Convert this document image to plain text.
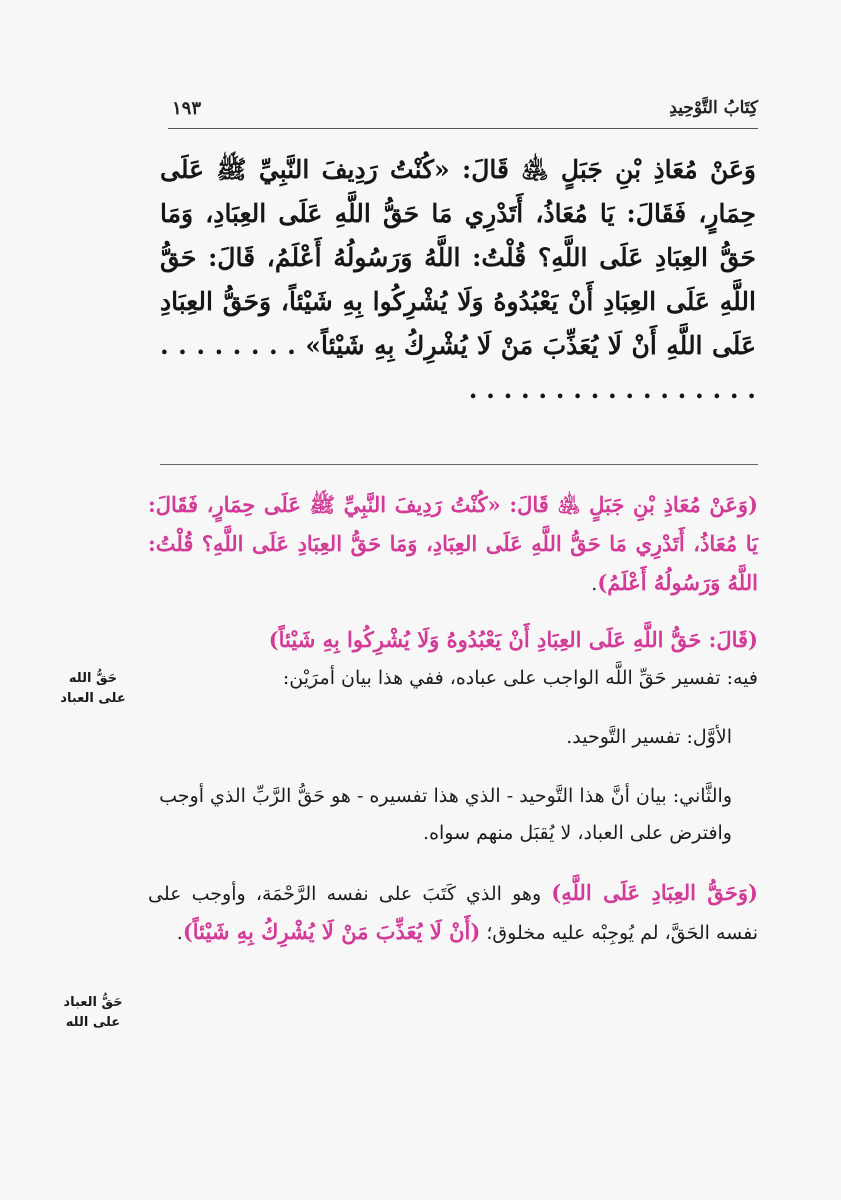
كِتَابُ التَّوْحِيدِ
١٩٣
وَعَنْ مُعَاذِ بْنِ جَبَلٍ ﵁ قَالَ: «كُنْتُ رَدِيفَ النَّبِيِّ ﷺ عَلَى حِمَارٍ، فَقَالَ: يَا مُعَاذُ، أَتَدْرِي مَا حَقُّ اللَّهِ عَلَى العِبَادِ، وَمَا حَقُّ العِبَادِ عَلَى اللَّهِ؟ قُلْتُ: اللَّهُ وَرَسُولُهُ أَعْلَمُ، قَالَ: حَقُّ اللَّهِ عَلَى العِبَادِ أَنْ يَعْبُدُوهُ وَلَا يُشْرِكُوا بِهِ شَيْئاً، وَحَقُّ العِبَادِ عَلَى اللَّهِ أَنْ لَا يُعَذِّبَ مَنْ لَا يُشْرِكُ بِهِ شَيْئاً» . . . . . . . . . . . . . . . . . . . . . . . . .

(وَعَنْ مُعَاذِ بْنِ جَبَلٍ ﵁ قَالَ: «كُنْتُ رَدِيفَ النَّبِيِّ ﷺ عَلَى حِمَارٍ، فَقَالَ: يَا مُعَاذُ، أَتَدْرِي مَا حَقُّ اللَّهِ عَلَى العِبَادِ، وَمَا حَقُّ العِبَادِ عَلَى اللَّهِ؟ قُلْتُ: اللَّهُ وَرَسُولُهُ أَعْلَمُ).

(قَالَ: حَقُّ اللَّهِ عَلَى العِبَادِ أَنْ يَعْبُدُوهُ وَلَا يُشْرِكُوا بِهِ شَيْئاً)
فيه: تفسير حَقِّ اللَّه الواجب على عباده، ففي هذا بيان أمرَيْن:

الأوَّل: تفسير التَّوحيد.

والثَّاني: بيان أنَّ هذا التَّوحيد - الذي هذا تفسيره - هو حَقُّ الرَّبِّ الذي أوجب وافترض على العباد، لا يُقبَل منهم سواه.

(وَحَقُّ العِبَادِ عَلَى اللَّهِ) وهو الذي كَتَبَ على نفسه الرَّحْمَة، وأوجب على نفسه الحَقَّ، لم يُوجِبْه عليه مخلوق؛ (أَنْ لَا يُعَذِّبَ مَنْ لَا يُشْرِكُ بِهِ شَيْئاً).

حَقُّ الله
على العباد
حَقُّ العباد
على الله
